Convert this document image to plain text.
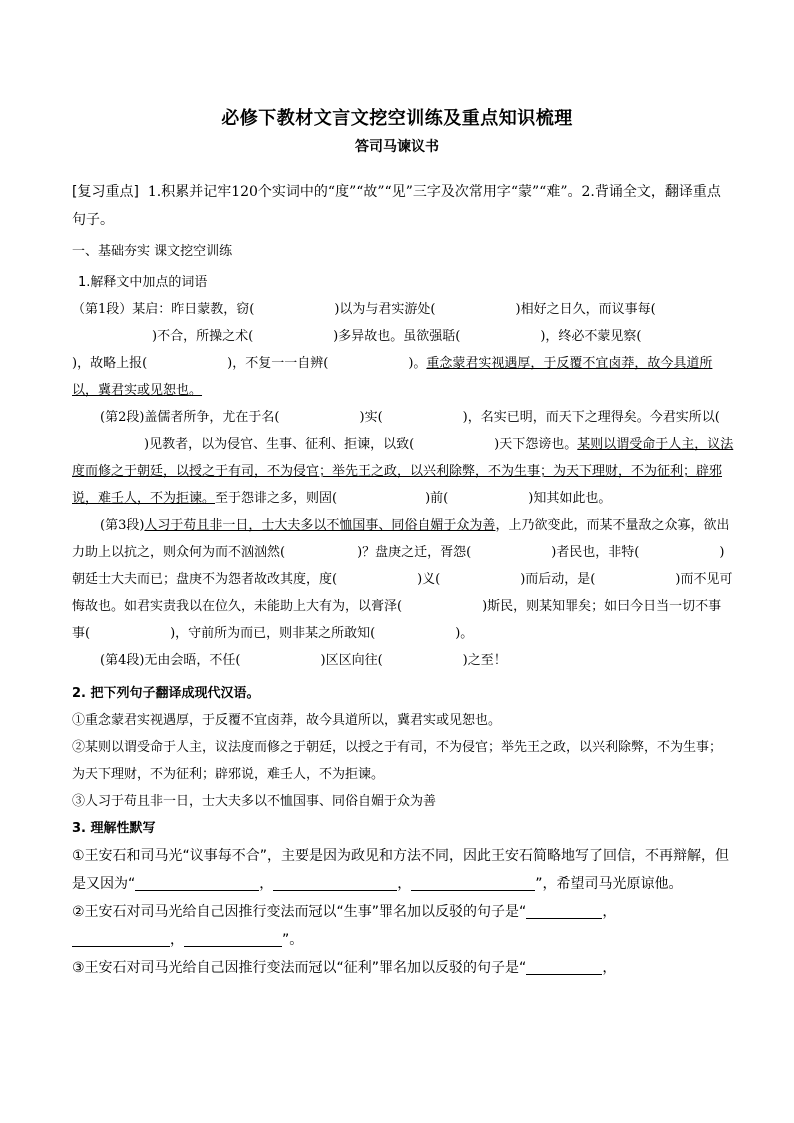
必修下教材文言文挖空训练及重点知识梳理
答司马谏议书

[复习重点] 1.积累并记牢120个实词中的“度”“故”“见”三字及次常用字“蒙”“难”。2.背诵全文，翻译重点句子。

一、基础夯实 课文挖空训练

1.解释文中加点的词语

（第1段）某启：昨日蒙教，窃(	)以为与君实游处(	)相好之日久，而议事每()不合，所操之术(	)多异故也。虽欲强聒(	)，终必不蒙见察()，故略上报(	)，不复一一自辨(	)。重念蒙君实视遇厚，于反覆不宜卤莽，故今具道所以，冀君实或见恕也。

(第2段)盖儒者所争，尤在于名(	)实(	)，名实已明，而天下之理得矣。今君实所以()见教者，以为侵官、生事、征利、拒谏，以致(	)天下怨谤也。某则以谓受命于人主，议法度而修之于朝廷，以授之于有司，不为侵官；举先王之政，以兴利除弊，不为生事；为天下理财，不为征利；辟邪说，难壬人，不为拒谏。至于怨诽之多，则固(	)前(	)知其如此也。

(第3段)人习于苟且非一日，士大夫多以不恤国事、同俗自媚于众为善，上乃欲变此，而某不量敌之众寡，欲出力助上以抗之，则众何为而不汹汹然(	)？盘庚之迁，胥怨(	)者民也，非特(	)朝廷士大夫而已；盘庚不为怨者故改其度，度(	)义(	)而后动，是(	)而不见可悔故也。如君实责我以在位久，未能助上大有为，以膏泽(	)斯民，则某知罪矣；如曰今日当一切不事事(	)，守前所为而已，则非某之所敢知(	)。

(第4段)无由会晤，不任(	)区区向往(	)之至！

2. 把下列句子翻译成现代汉语。

①重念蒙君实视遇厚，于反覆不宜卤莽，故今具道所以，冀君实或见恕也。

②某则以谓受命于人主，议法度而修之于朝廷，以授之于有司，不为侵官；举先王之政，以兴利除弊，不为生事；为天下理财，不为征利；辟邪说，难壬人，不为拒谏。

③人习于苟且非一日，士大夫多以不恤国事、同俗自媚于众为善

3. 理解性默写

①王安石和司马光“议事每不合”，主要是因为政见和方法不同，因此王安石简略地写了回信，不再辩解，但是又因为“	，	，	”，希望司马光原谅他。

②王安石对司马光给自己因推行变法而冠以“生事”罪名加以反驳的句子是“	，
，	”。

③王安石对司马光给自己因推行变法而冠以“征利”罪名加以反驳的句子是“	，
